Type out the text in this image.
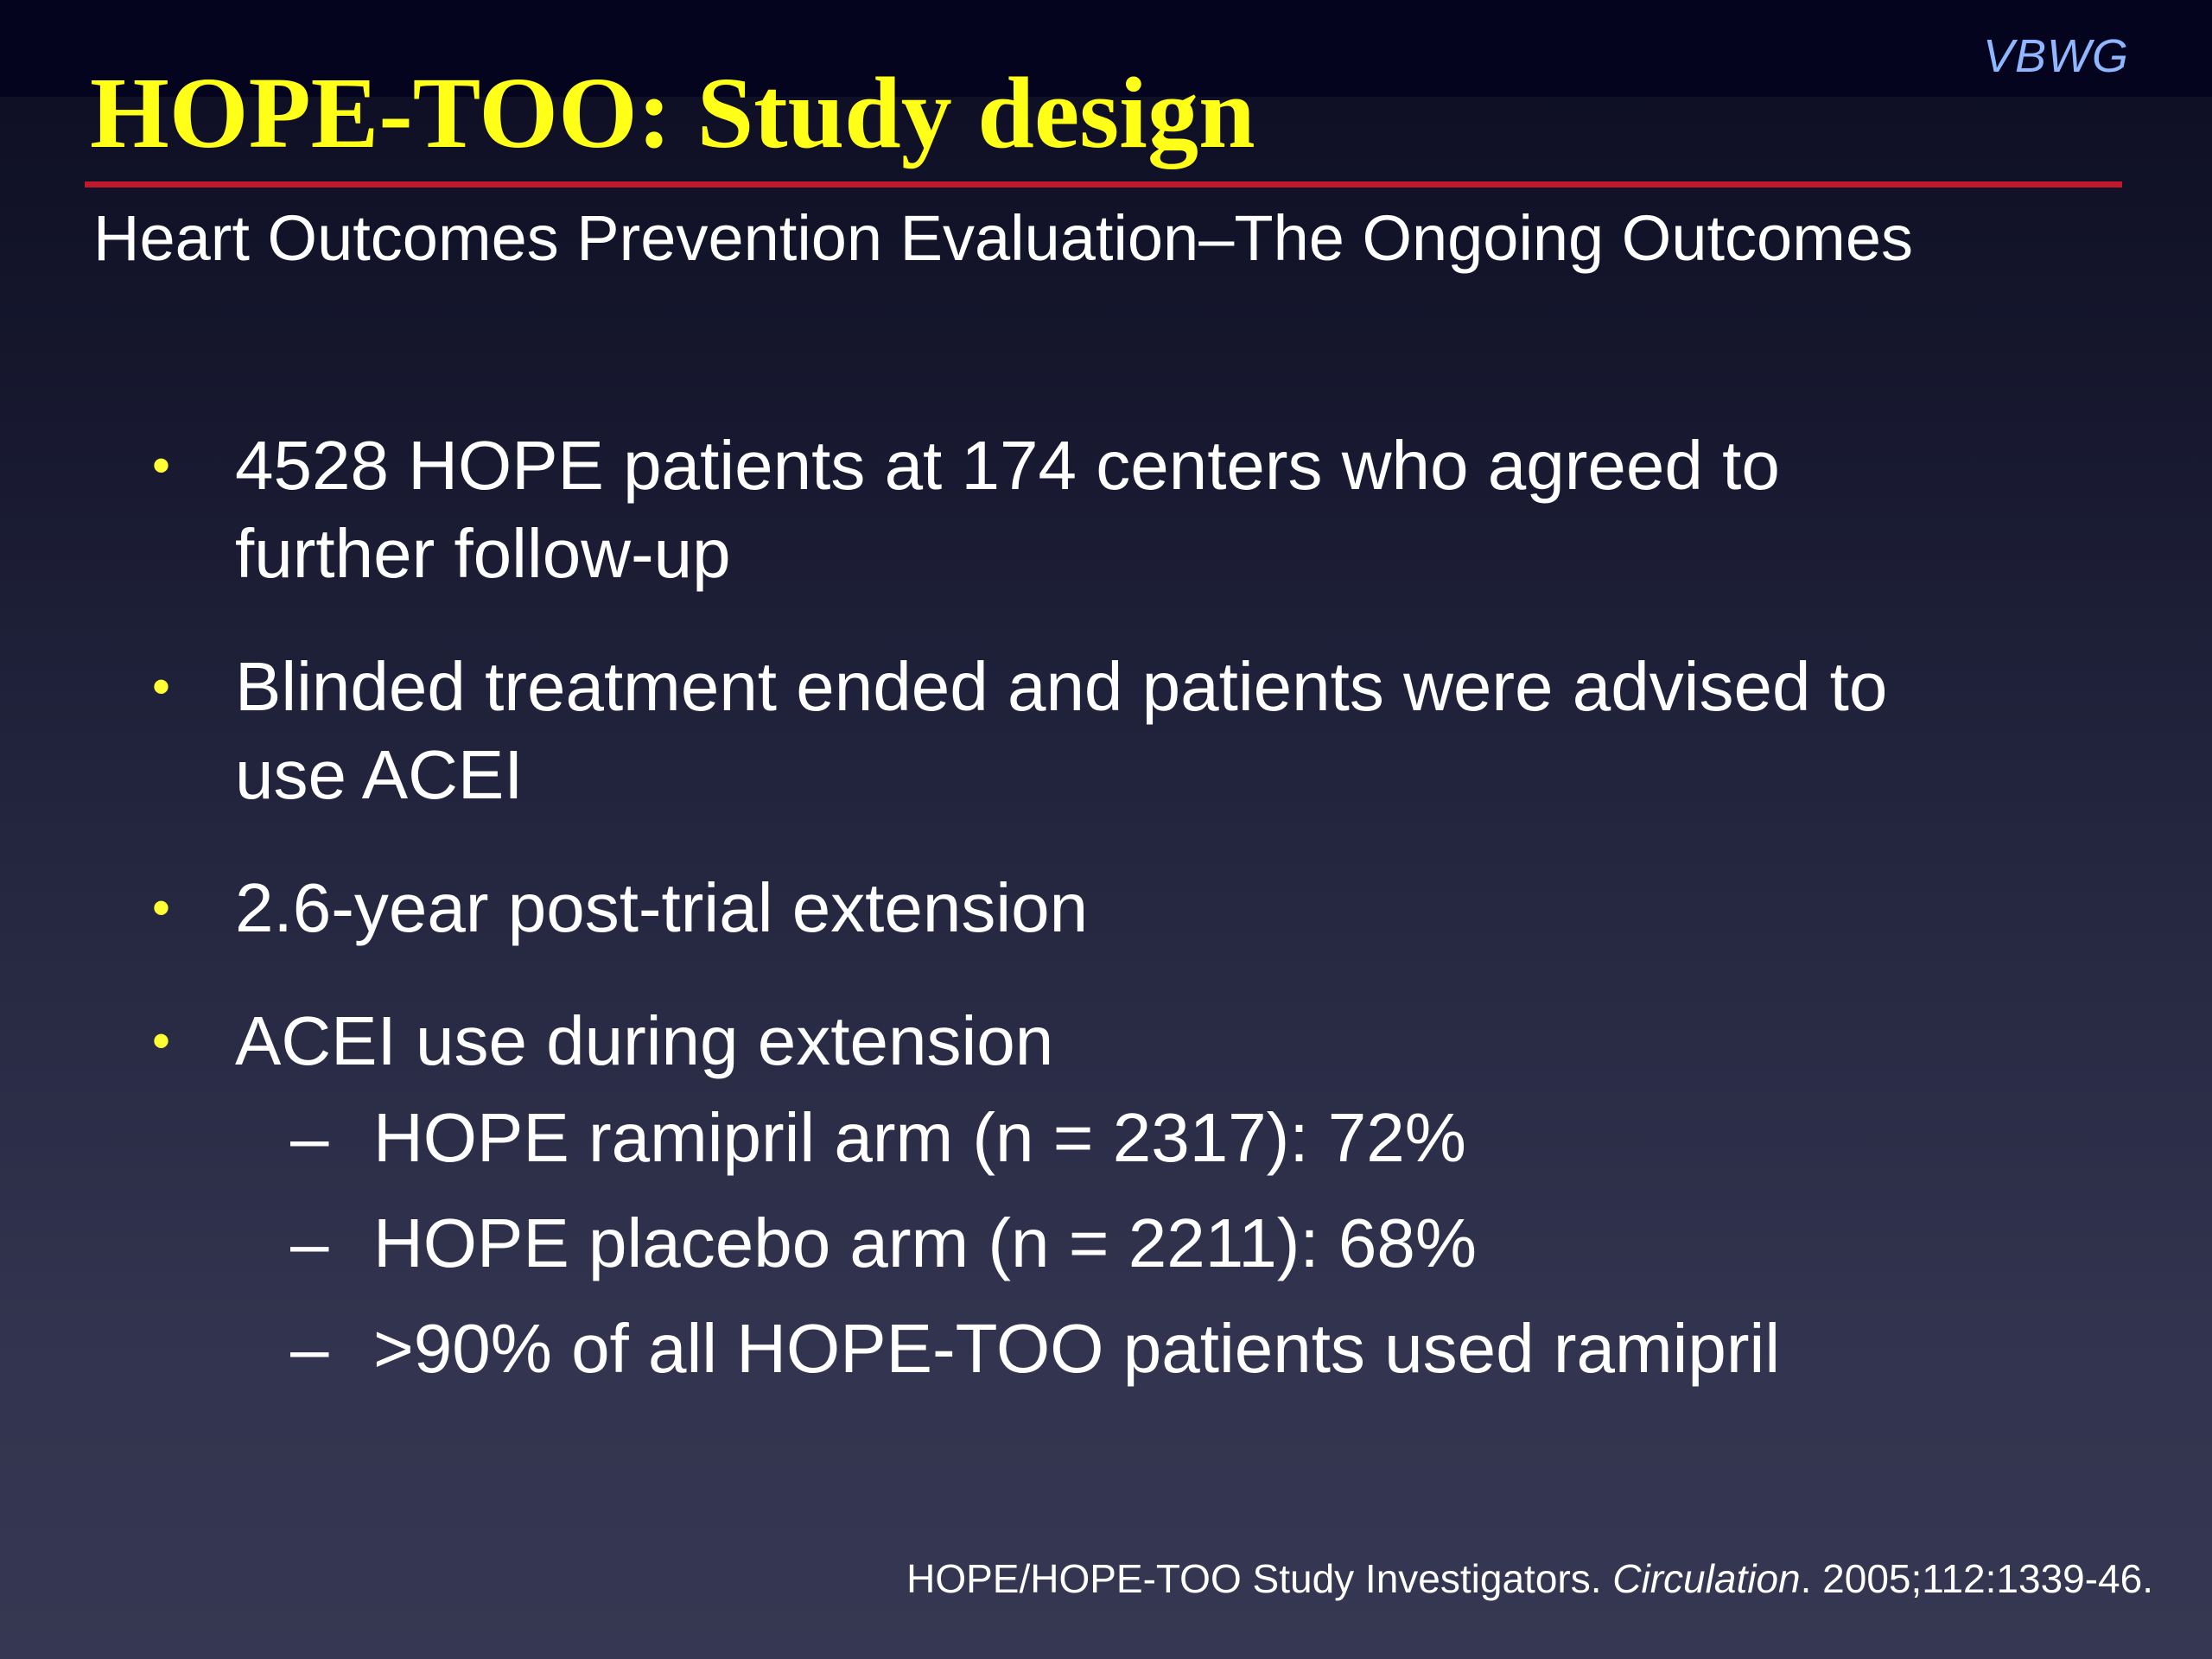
VBWG
HOPE-TOO: Study design
Heart Outcomes Prevention Evaluation–The Ongoing Outcomes
• 4528 HOPE patients at 174 centers who agreed to further follow-up
• Blinded treatment ended and patients were advised to use ACEI
• 2.6-year post-trial extension
• ACEI use during extension
– HOPE ramipril arm (n = 2317): 72%
– HOPE placebo arm (n = 2211): 68%
– >90% of all HOPE-TOO patients used ramipril
HOPE/HOPE-TOO Study Investigators. Circulation. 2005;112:1339-46.
